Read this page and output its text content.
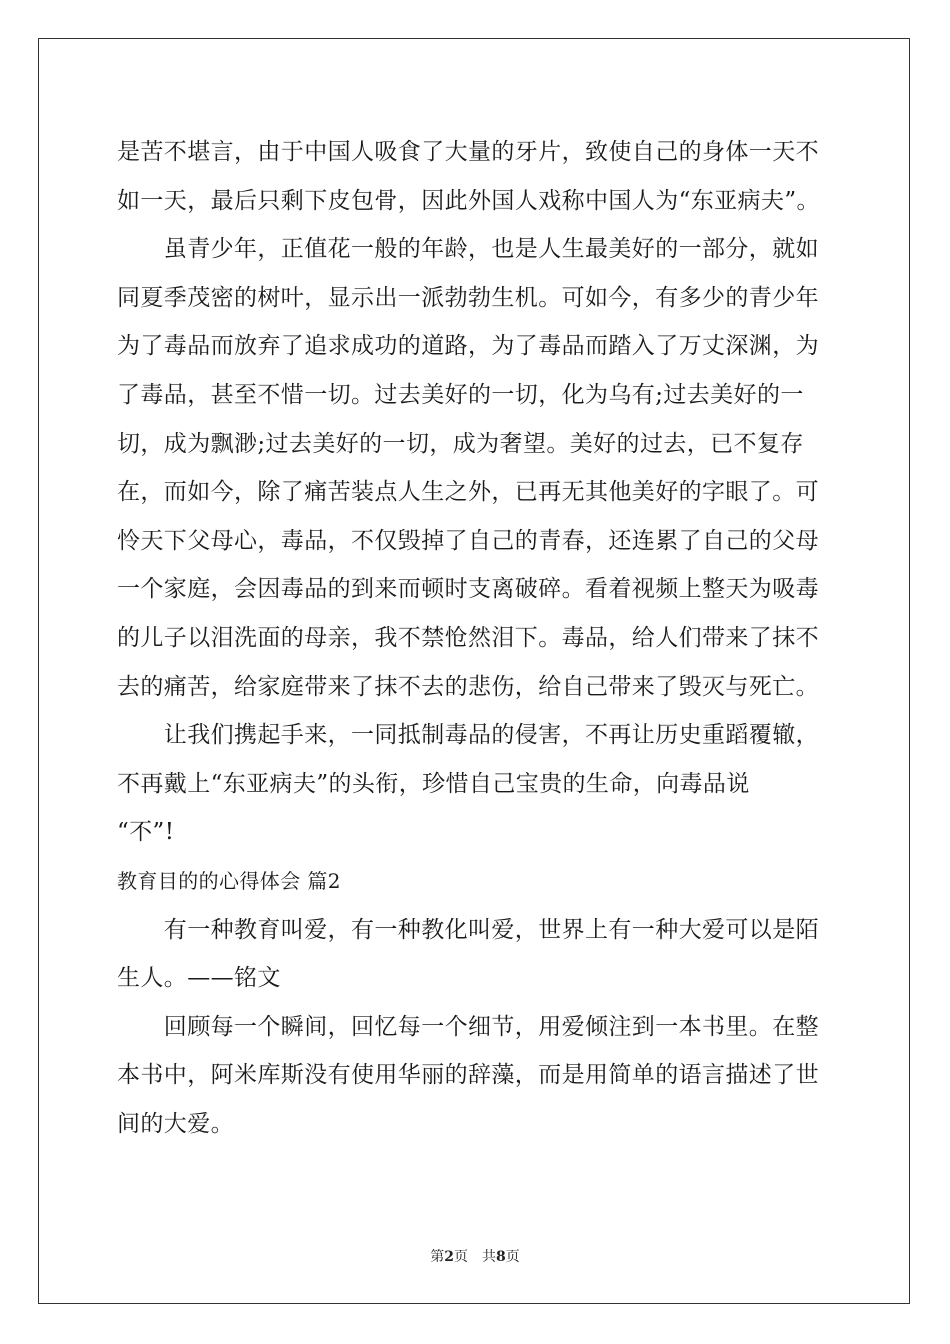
是苦不堪言，由于中国人吸食了大量的牙片，致使自己的身体一天不
如一天，最后只剩下皮包骨，因此外国人戏称中国人为“东亚病夫”。
　　虽青少年，正值花一般的年龄，也是人生最美好的一部分，就如
同夏季茂密的树叶，显示出一派勃勃生机。可如今，有多少的青少年
为了毒品而放弃了追求成功的道路，为了毒品而踏入了万丈深渊，为
了毒品，甚至不惜一切。过去美好的一切，化为乌有;过去美好的一
切，成为飘渺;过去美好的一切，成为奢望。美好的过去，已不复存
在，而如今，除了痛苦装点人生之外，已再无其他美好的字眼了。可
怜天下父母心，毒品，不仅毁掉了自己的青春，还连累了自己的父母
一个家庭，会因毒品的到来而顿时支离破碎。看着视频上整天为吸毒
的儿子以泪洗面的母亲，我不禁怆然泪下。毒品，给人们带来了抹不
去的痛苦，给家庭带来了抹不去的悲伤，给自己带来了毁灭与死亡。
　　让我们携起手来，一同抵制毒品的侵害，不再让历史重蹈覆辙，
不再戴上“东亚病夫”的头衔，珍惜自己宝贵的生命，向毒品说
“不”!
教育目的的心得体会 篇2
　　有一种教育叫爱，有一种教化叫爱，世界上有一种大爱可以是陌
生人。——铭文
　　回顾每一个瞬间，回忆每一个细节，用爱倾注到一本书里。在整
本书中，阿米库斯没有使用华丽的辞藻，而是用简单的语言描述了世
间的大爱。
第2页　共8页
